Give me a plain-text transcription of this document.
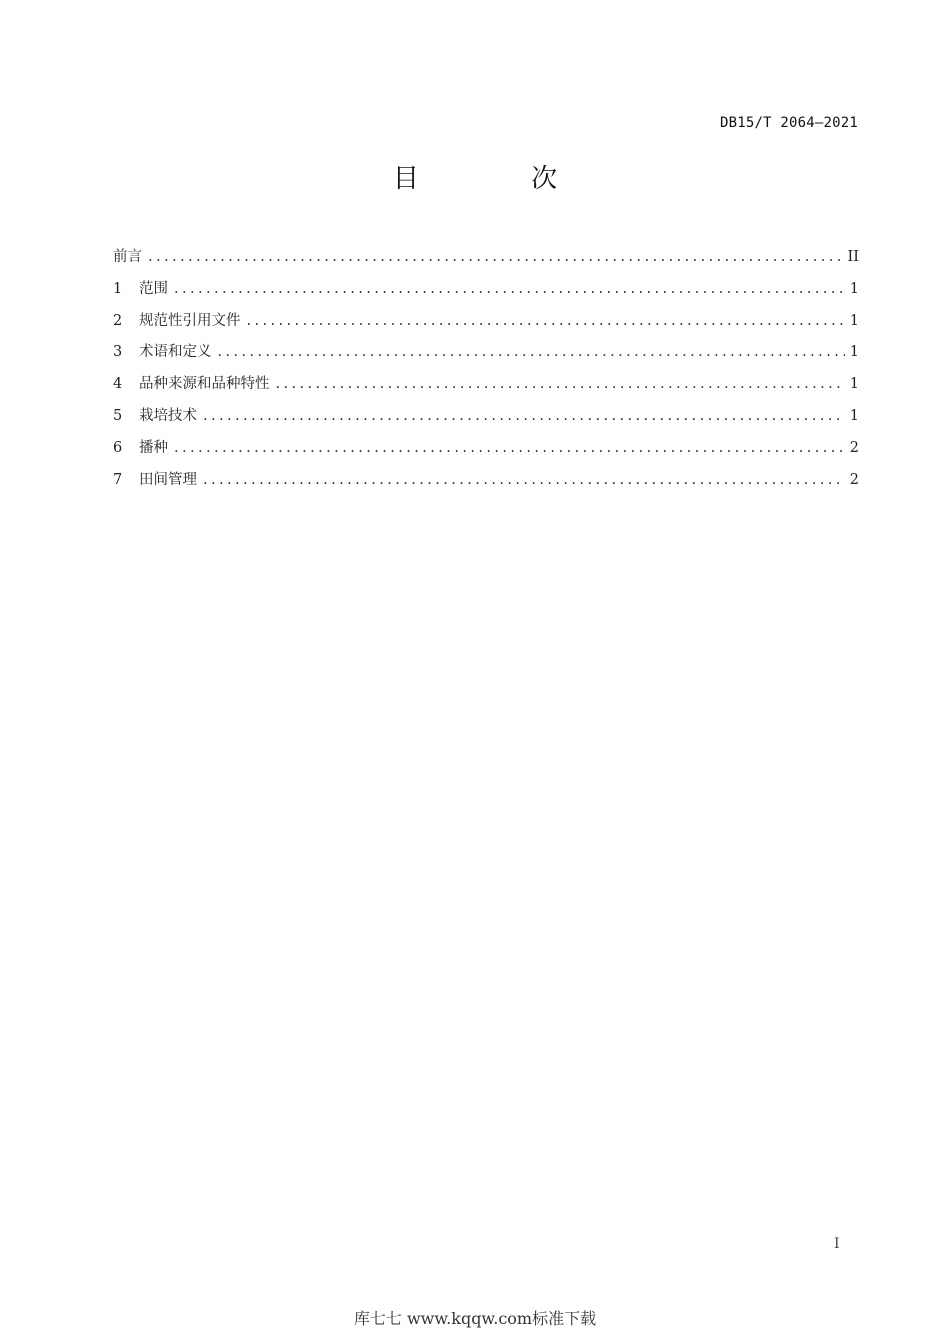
DB15/T 2064—2021
目 次
前言 .....	II
1	范围 .....	1
2	规范性引用文件 .....	1
3	术语和定义 .....	1
4	品种来源和品种特性 .....	1
5	栽培技术 .....	1
6	播种 .....	2
7	田间管理 .....	2
I
库七七 www.kqqw.com标准下载
